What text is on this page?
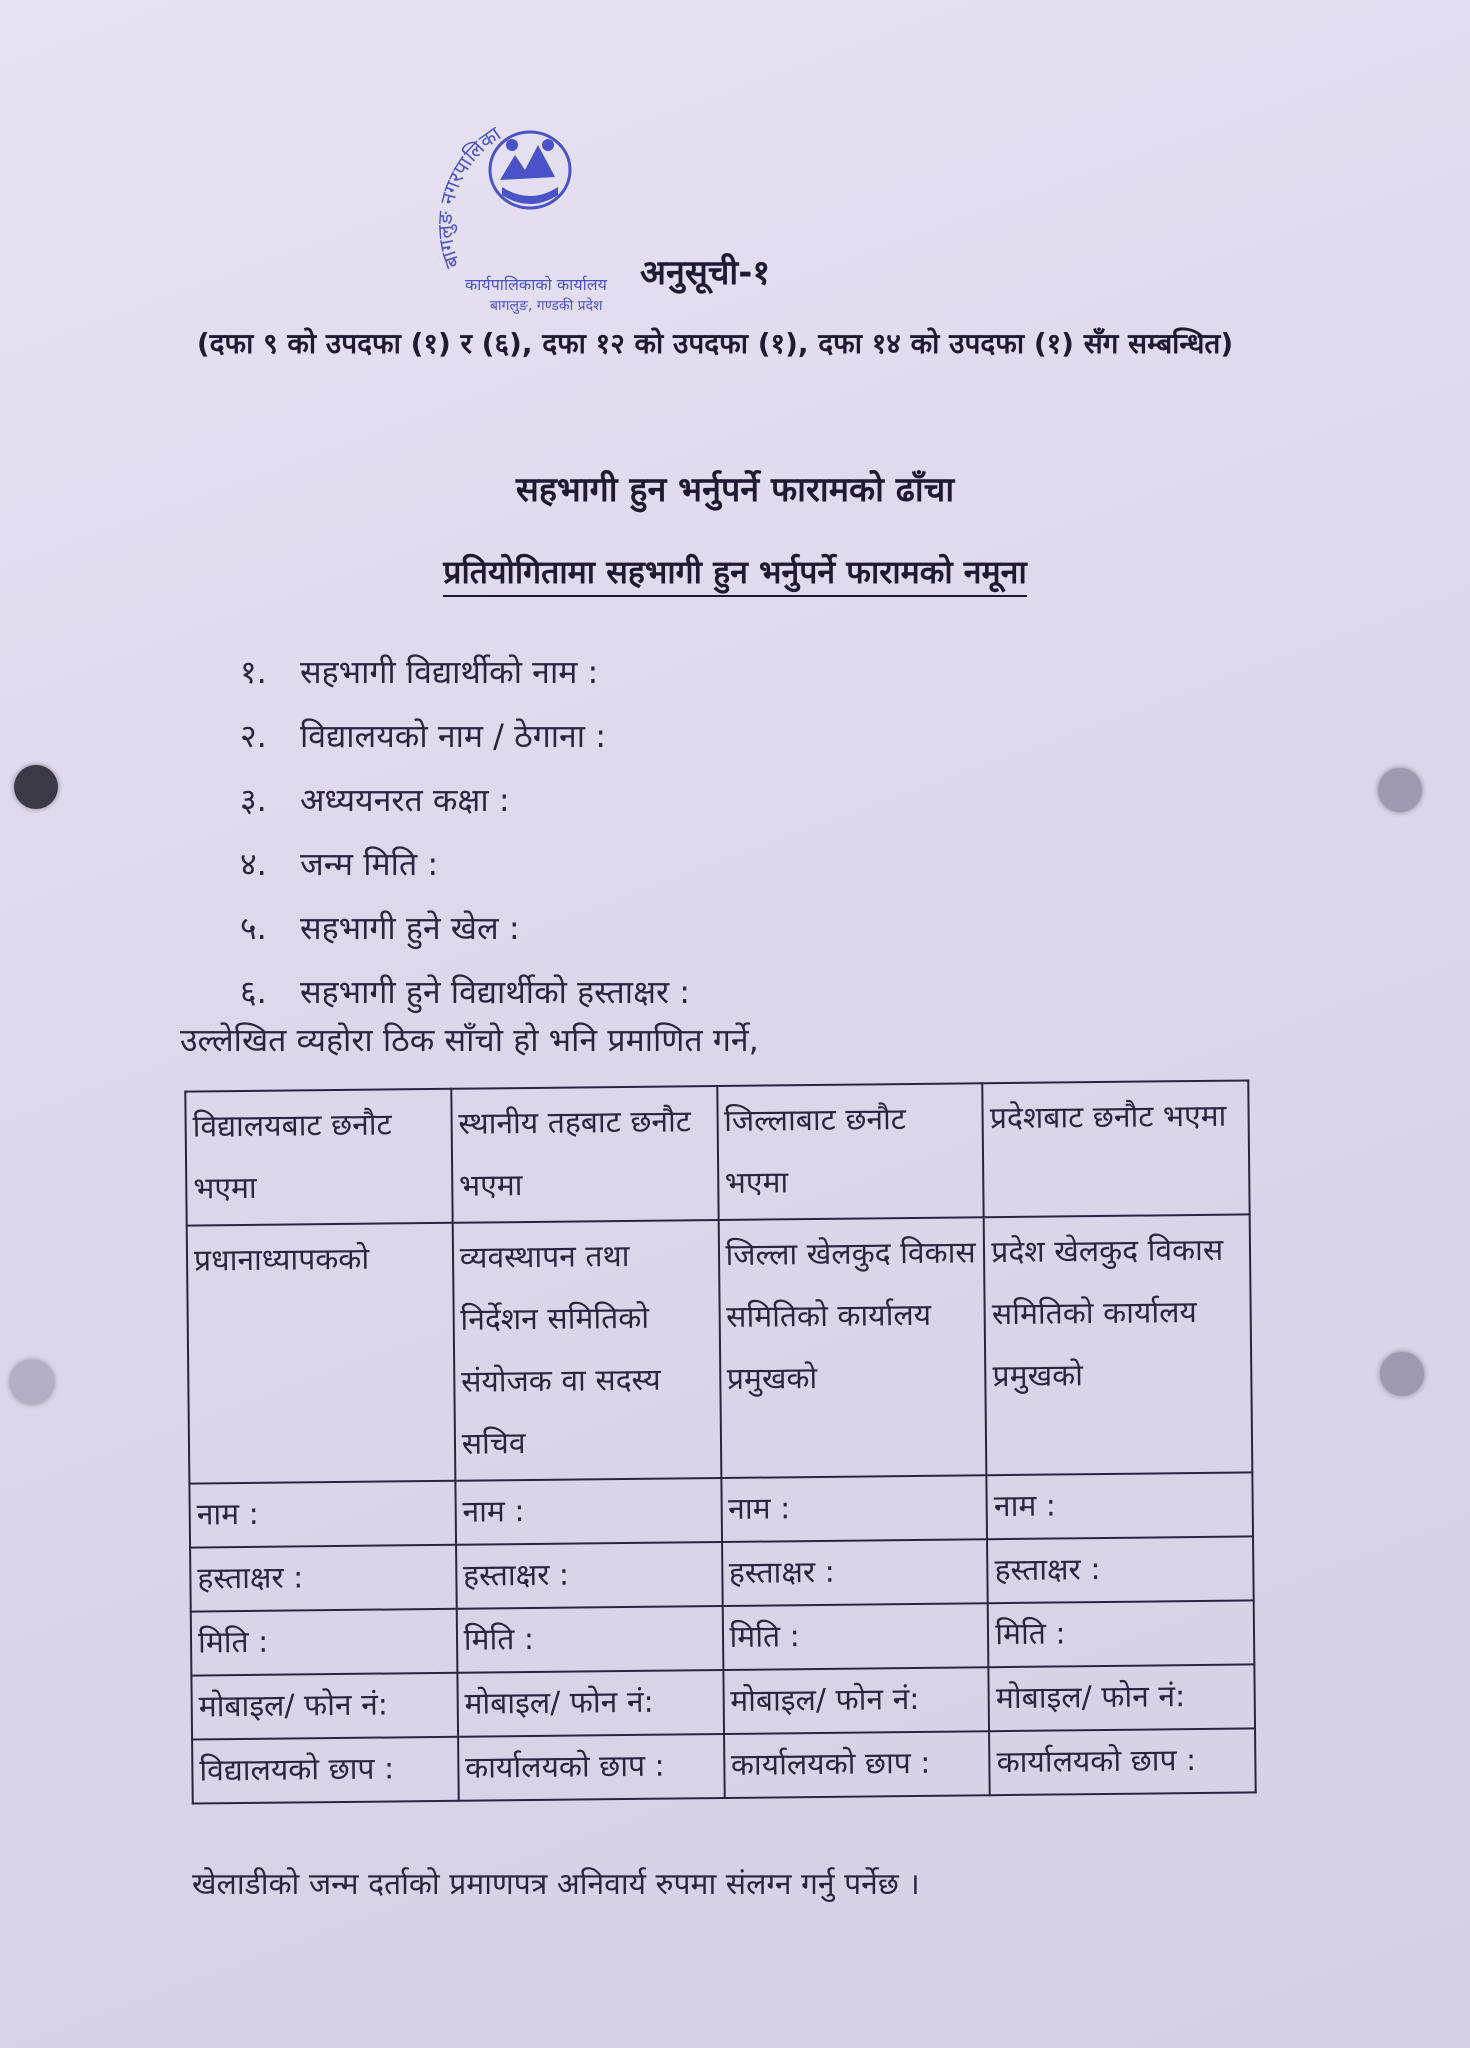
बागलुङ नगरपालिका
कार्यपालिकाको कार्यालय
बागलुङ, गण्डकी प्रदेश
अनुसूची-१
(दफा ९ को उपदफा (१) र (६), दफा १२ को उपदफा (१), दफा १४ को उपदफा (१) सँग सम्बन्धित)
सहभागी हुन भर्नुपर्ने फारामको ढाँचा
प्रतियोगितामा सहभागी हुन भर्नुपर्ने फारामको नमूना
१. सहभागी विद्यार्थीको नाम :
२. विद्यालयको नाम / ठेगाना :
३. अध्ययनरत कक्षा :
४. जन्म मिति :
५. सहभागी हुने खेल :
६. सहभागी हुने विद्यार्थीको हस्ताक्षर :
उल्लेखित व्यहोरा ठिक साँचो हो भनि प्रमाणित गर्ने,
विद्यालयबाट छनौट भएमा	स्थानीय तहबाट छनौट भएमा	जिल्लाबाट छनौट भएमा	प्रदेशबाट छनौट भएमा
प्रधानाध्यापकको	व्यवस्थापन तथा निर्देशन समितिको संयोजक वा सदस्य सचिव	जिल्ला खेलकुद विकास समितिको कार्यालय प्रमुखको	प्रदेश खेलकुद विकास समितिको कार्यालय प्रमुखको
नाम :	नाम :	नाम :	नाम :
हस्ताक्षर :	हस्ताक्षर :	हस्ताक्षर :	हस्ताक्षर :
मिति :	मिति :	मिति :	मिति :
मोबाइल/ फोन नं:	मोबाइल/ फोन नं:	मोबाइल/ फोन नं:	मोबाइल/ फोन नं:
विद्यालयको छाप :	कार्यालयको छाप :	कार्यालयको छाप :	कार्यालयको छाप :
खेलाडीको जन्म दर्ताको प्रमाणपत्र अनिवार्य रुपमा संलग्न गर्नु पर्नेछ ।
